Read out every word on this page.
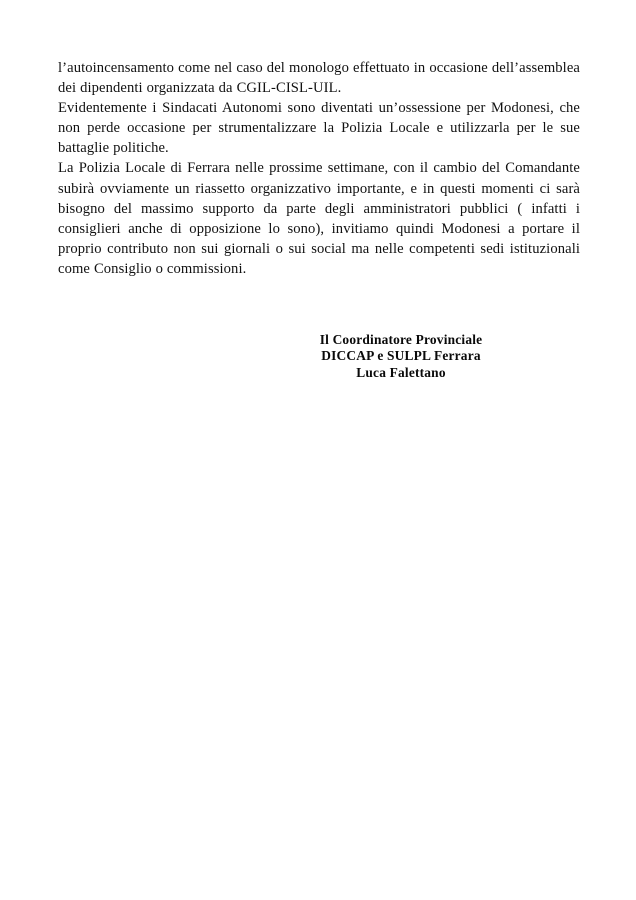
l’autoincensamento come nel caso del monologo effettuato in occasione dell’assemblea dei dipendenti organizzata da CGIL-CISL-UIL.

Evidentemente i Sindacati Autonomi sono diventati un’ossessione per Modonesi, che non perde occasione per strumentalizzare la Polizia Locale e utilizzarla per le sue battaglie politiche.

La Polizia Locale di Ferrara nelle prossime settimane, con il cambio del Comandante subirà ovviamente un riassetto organizzativo importante, e in questi momenti ci sarà bisogno del massimo supporto da parte degli amministratori pubblici ( infatti i consiglieri anche di opposizione lo sono), invitiamo quindi Modonesi a portare il proprio contributo non sui giornali o sui social ma nelle competenti sedi istituzionali come Consiglio o commissioni.

Il Coordinatore Provinciale

DICCAP e SULPL Ferrara

Luca Falettano
